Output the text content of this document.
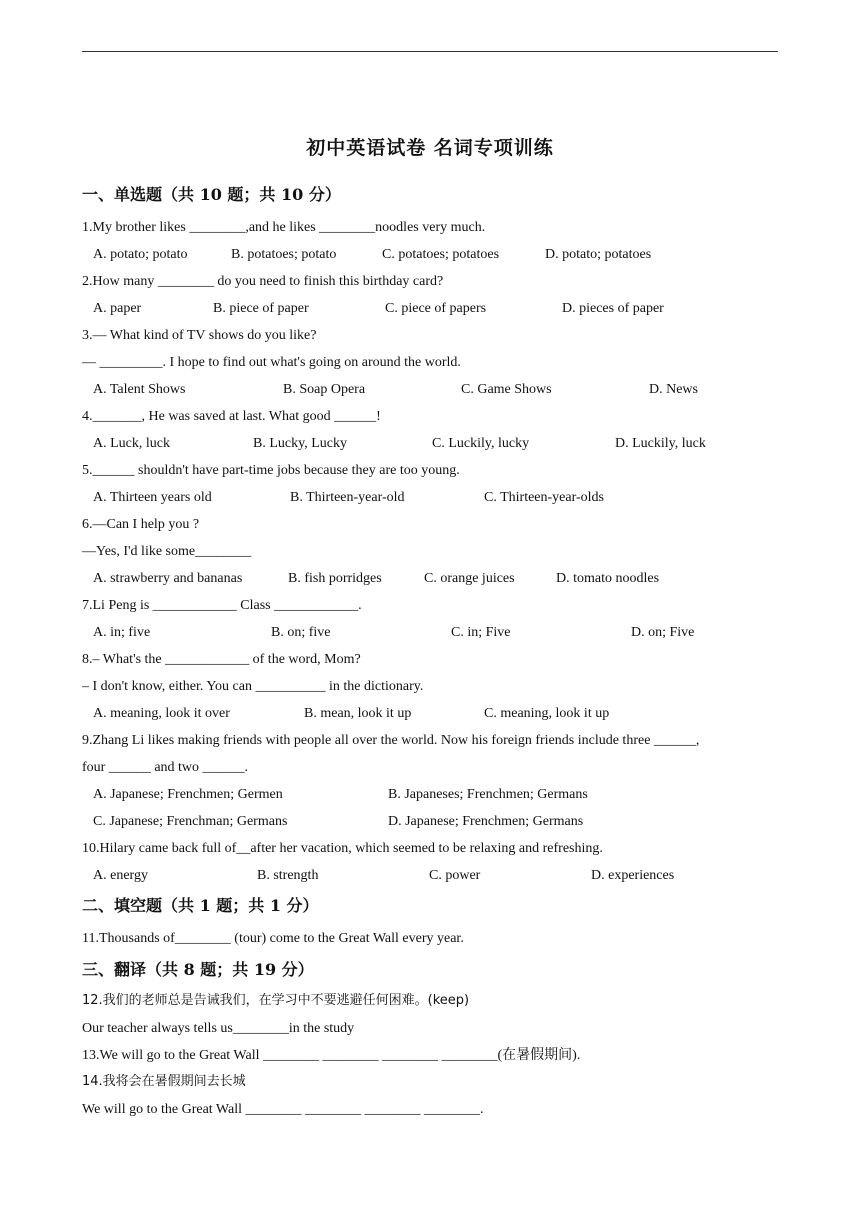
初中英语试卷 名词专项训练
一、单选题（共 10 题；共 10 分）
1.My brother likes ________,and he likes ________noodles very much.
A. potato; potato	B. potatoes; potato	C. potatoes; potatoes	D. potato; potatoes
2.How many ________ do you need to finish this birthday card?
A. paper	B. piece of paper	C. piece of papers	D. pieces of paper
3.— What kind of TV shows do you like?
— _________. I hope to find out what's going on around the world.
A. Talent Shows	B. Soap Opera	C. Game Shows	D. News
4._______, He was saved at last. What good ______!
A. Luck, luck	B. Lucky, Lucky	C. Luckily, lucky	D. Luckily, luck
5.______ shouldn't have part-time jobs because they are too young.
A. Thirteen years old	B. Thirteen-year-old	C. Thirteen-year-olds
6.—Can I help you ?
—Yes, I'd like some________
A. strawberry and bananas	B. fish porridges	C. orange juices	D. tomato noodles
7.Li Peng is ____________ Class ____________.
A. in; five	B. on; five	C. in; Five	D. on; Five
8.– What's the ____________ of the word, Mom?
– I don't know, either. You can __________ in the dictionary.
A. meaning, look it over	B. mean, look it up	C. meaning, look it up
9.Zhang Li likes making friends with people all over the world. Now his foreign friends include three ______,
four ______ and two ______.
A. Japanese; Frenchmen; Germen	B. Japaneses; Frenchmen; Germans
C. Japanese; Frenchman; Germans	D. Japanese; Frenchmen; Germans
10.Hilary came back full of__after her vacation, which seemed to be relaxing and refreshing.
A. energy	B. strength	C. power	D. experiences
二、填空题（共 1 题；共 1 分）
11.Thousands of________ (tour) come to the Great Wall every year.
三、翻译（共 8 题；共 19 分）
12.我们的老师总是告诫我们，在学习中不要逃避任何困难。(keep)
Our teacher always tells us________in the study
13.We will go to the Great Wall ________ ________ ________ ________(在暑假期间).
14.我将会在暑假期间去长城
We will go to the Great Wall ________ ________ ________ ________.
